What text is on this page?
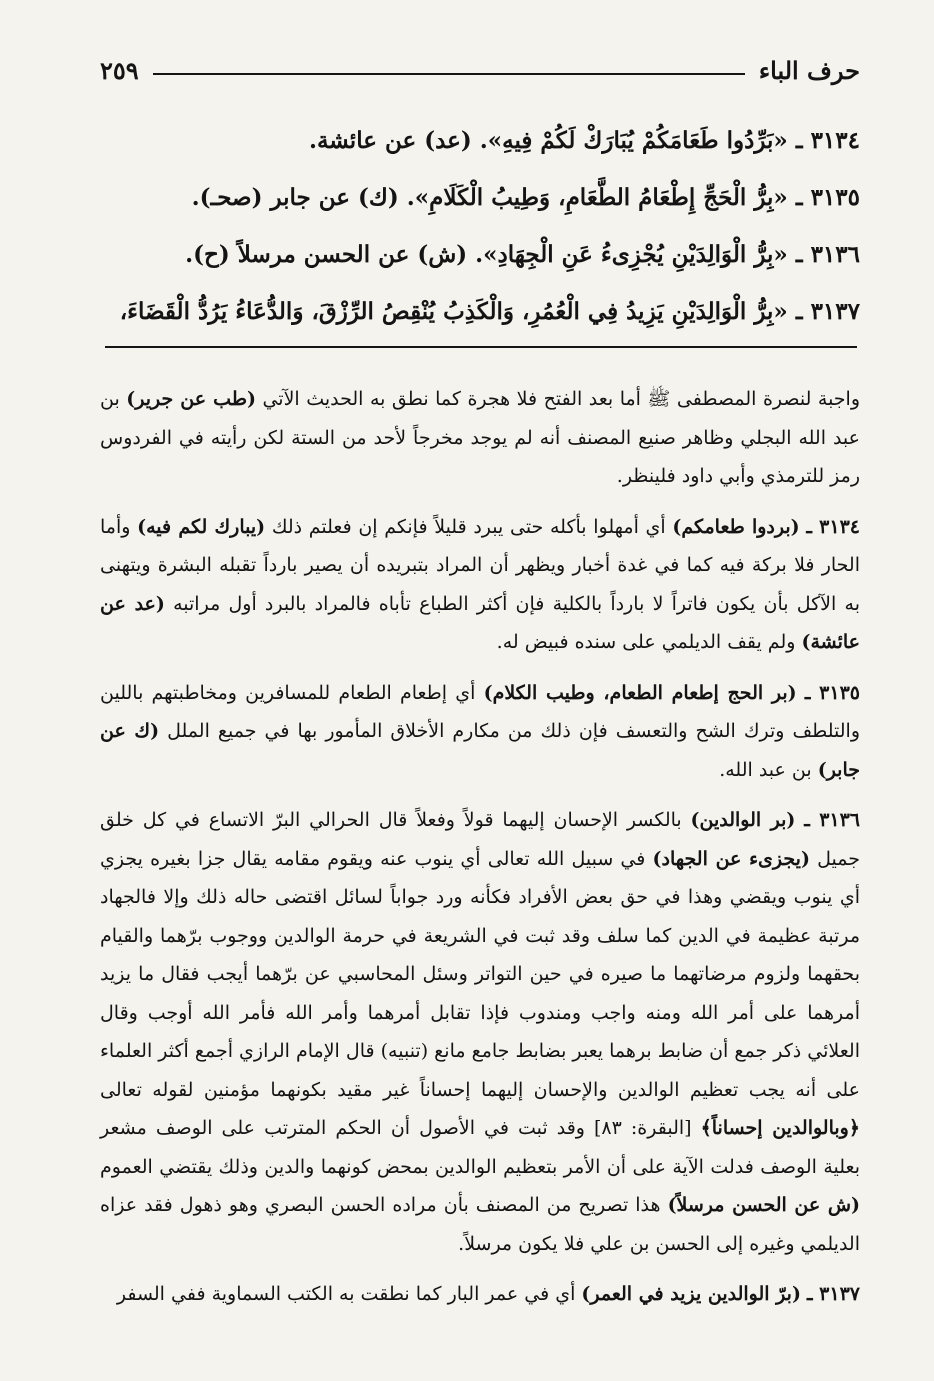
حرف الباء
٢٥٩
٣١٣٤ ـ «بَرِّدُوا طَعَامَكُمْ يُبَارَكْ لَكُمْ فِيهِ». (عد) عن عائشة.
٣١٣٥ ـ «بِرُّ الْحَجِّ إِطْعَامُ الطَّعَامِ، وَطِيبُ الْكَلَامِ». (ك) عن جابر (صحـ).
٣١٣٦ ـ «بِرُّ الْوَالِدَيْنِ يُجْزِىءُ عَنِ الْجِهَادِ». (ش) عن الحسن مرسلاً (ح).
٣١٣٧ ـ «بِرُّ الْوَالِدَيْنِ يَزِيدُ فِي الْعُمُرِ، وَالْكَذِبُ يُنْقِصُ الرِّزْقَ، وَالدُّعَاءُ يَرُدُّ الْقَضَاءَ،

واجبة لنصرة المصطفى ﷺ أما بعد الفتح فلا هجرة كما نطق به الحديث الآتي (طب عن جرير) بن عبد الله البجلي وظاهر صنيع المصنف أنه لم يوجد مخرجاً لأحد من الستة لكن رأيته في الفردوس رمز للترمذي وأبي داود فلينظر.

٣١٣٤ ـ (بردوا طعامكم) أي أمهلوا بأكله حتى يبرد قليلاً فإنكم إن فعلتم ذلك (يبارك لكم فيه) وأما الحار فلا بركة فيه كما في غدة أخبار ويظهر أن المراد بتبريده أن يصير بارداً تقبله البشرة ويتهنى به الآكل بأن يكون فاتراً لا بارداً بالكلية فإن أكثر الطباع تأباه فالمراد بالبرد أول مراتبه (عد عن عائشة) ولم يقف الديلمي على سنده فبيض له.

٣١٣٥ ـ (بر الحج إطعام الطعام، وطيب الكلام) أي إطعام الطعام للمسافرين ومخاطبتهم باللين والتلطف وترك الشح والتعسف فإن ذلك من مكارم الأخلاق المأمور بها في جميع الملل (ك عن جابر) بن عبد الله.

٣١٣٦ ـ (بر الوالدين) بالكسر الإحسان إليهما قولاً وفعلاً قال الحرالي البرّ الاتساع في كل خلق جميل (يجزىء عن الجهاد) في سبيل الله تعالى أي ينوب عنه ويقوم مقامه يقال جزا بغيره يجزي أي ينوب ويقضي وهذا في حق بعض الأفراد فكأنه ورد جواباً لسائل اقتضى حاله ذلك وإلا فالجهاد مرتبة عظيمة في الدين كما سلف وقد ثبت في الشريعة في حرمة الوالدين ووجوب برّهما والقيام بحقهما ولزوم مرضاتهما ما صيره في حين التواتر وسئل المحاسبي عن برّهما أيجب فقال ما يزيد أمرهما على أمر الله ومنه واجب ومندوب فإذا تقابل أمرهما وأمر الله فأمر الله أوجب وقال العلائي ذكر جمع أن ضابط برهما يعبر بضابط جامع مانع (تنبيه) قال الإمام الرازي أجمع أكثر العلماء على أنه يجب تعظيم الوالدين والإحسان إليهما إحساناً غير مقيد بكونهما مؤمنين لقوله تعالى ﴿وبالوالدين إحساناً﴾ [البقرة: ٨٣] وقد ثبت في الأصول أن الحكم المترتب على الوصف مشعر بعلية الوصف فدلت الآية على أن الأمر بتعظيم الوالدين بمحض كونهما والدين وذلك يقتضي العموم (ش عن الحسن مرسلاً) هذا تصريح من المصنف بأن مراده الحسن البصري وهو ذهول فقد عزاه الديلمي وغيره إلى الحسن بن علي فلا يكون مرسلاً.

٣١٣٧ ـ (برّ الوالدين يزيد في العمر) أي في عمر البار كما نطقت به الكتب السماوية ففي السفر
